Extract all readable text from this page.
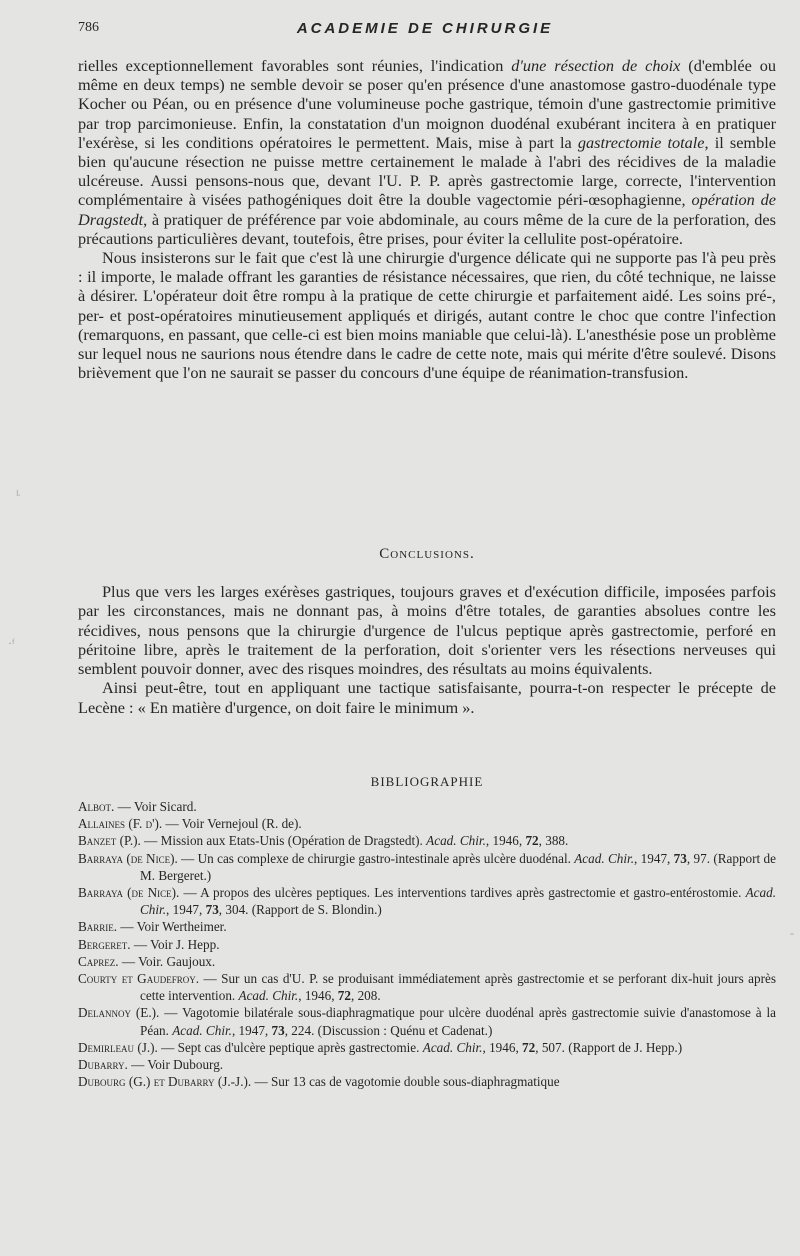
786	ACADEMIE DE CHIRURGIE

rielles exceptionnellement favorables sont réunies, l'indication d'une résection de choix (d'emblée ou même en deux temps) ne semble devoir se poser qu'en présence d'une anastomose gastro-duodénale type Kocher ou Péan, ou en présence d'une volumineuse poche gastrique, témoin d'une gastrectomie primitive par trop parcimonieuse. Enfin, la constatation d'un moignon duodénal exubérant incitera à en pratiquer l'exérèse, si les conditions opératoires le permettent. Mais, mise à part la gastrectomie totale, il semble bien qu'aucune résection ne puisse mettre certainement le malade à l'abri des récidives de la maladie ulcéreuse. Aussi pensons-nous que, devant l'U. P. P. après gastrectomie large, correcte, l'intervention complémentaire à visées pathogéniques doit être la double vagectomie péri-œsophagienne, opération de Dragstedt, à pratiquer de préférence par voie abdominale, au cours même de la cure de la perforation, des précautions particulières devant, toutefois, être prises, pour éviter la cellulite post-opératoire.

Nous insisterons sur le fait que c'est là une chirurgie d'urgence délicate qui ne supporte pas l'à peu près : il importe, le malade offrant les garanties de résistance nécessaires, que rien, du côté technique, ne laisse à désirer. L'opérateur doit être rompu à la pratique de cette chirurgie et parfaitement aidé. Les soins pré-, per- et post-opératoires minutieusement appliqués et dirigés, autant contre le choc que contre l'infection (remarquons, en passant, que celle-ci est bien moins maniable que celui-là). L'anesthésie pose un problème sur lequel nous ne saurions nous étendre dans le cadre de cette note, mais qui mérite d'être soulevé. Disons brièvement que l'on ne saurait se passer du concours d'une équipe de réanimation-transfusion.

Conclusions.

Plus que vers les larges exérèses gastriques, toujours graves et d'exécution difficile, imposées parfois par les circonstances, mais ne donnant pas, à moins d'être totales, de garanties absolues contre les récidives, nous pensons que la chirurgie d'urgence de l'ulcus peptique après gastrectomie, perforé en péritoine libre, après le traitement de la perforation, doit s'orienter vers les résections nerveuses qui semblent pouvoir donner, avec des risques moindres, des résultats au moins équivalents.

Ainsi peut-être, tout en appliquant une tactique satisfaisante, pourra-t-on respecter le précepte de Lecène : « En matière d'urgence, on doit faire le minimum ».

BIBLIOGRAPHIE
Albot. — Voir Sicard.
Allaines (F. d'). — Voir Vernejoul (R. de).
Banzet (P.). — Mission aux Etats-Unis (Opération de Dragstedt). Acad. Chir., 1946, 72, 388.
Barraya (de Nice). — Un cas complexe de chirurgie gastro-intestinale après ulcère duodénal. Acad. Chir., 1947, 73, 97. (Rapport de M. Bergeret.)
Barraya (de Nice). — A propos des ulcères peptiques. Les interventions tardives après gastrectomie et gastro-entérostomie. Acad. Chir., 1947, 73, 304. (Rapport de S. Blondin.)
Barrie. — Voir Wertheimer.
Bergeret. — Voir J. Hepp.
Caprez. — Voir. Gaujoux.
Courty et Gaudefroy. — Sur un cas d'U. P. se produisant immédiatement après gastrectomie et se perforant dix-huit jours après cette intervention. Acad. Chir., 1946, 72, 208.
Delannoy (E.). — Vagotomie bilatérale sous-diaphragmatique pour ulcère duodénal après gastrectomie suivie d'anastomose à la Péan. Acad. Chir., 1947, 73, 224. (Discussion : Quénu et Cadenat.)
Demirleau (J.). — Sept cas d'ulcère peptique après gastrectomie. Acad. Chir., 1946, 72, 507. (Rapport de J. Hepp.)
Dubarry. — Voir Dubourg.
Dubourg (G.) et Dubarry (J.-J.). — Sur 13 cas de vagotomie double sous-diaphragmatique
ᴸ
·ᶠ
-
